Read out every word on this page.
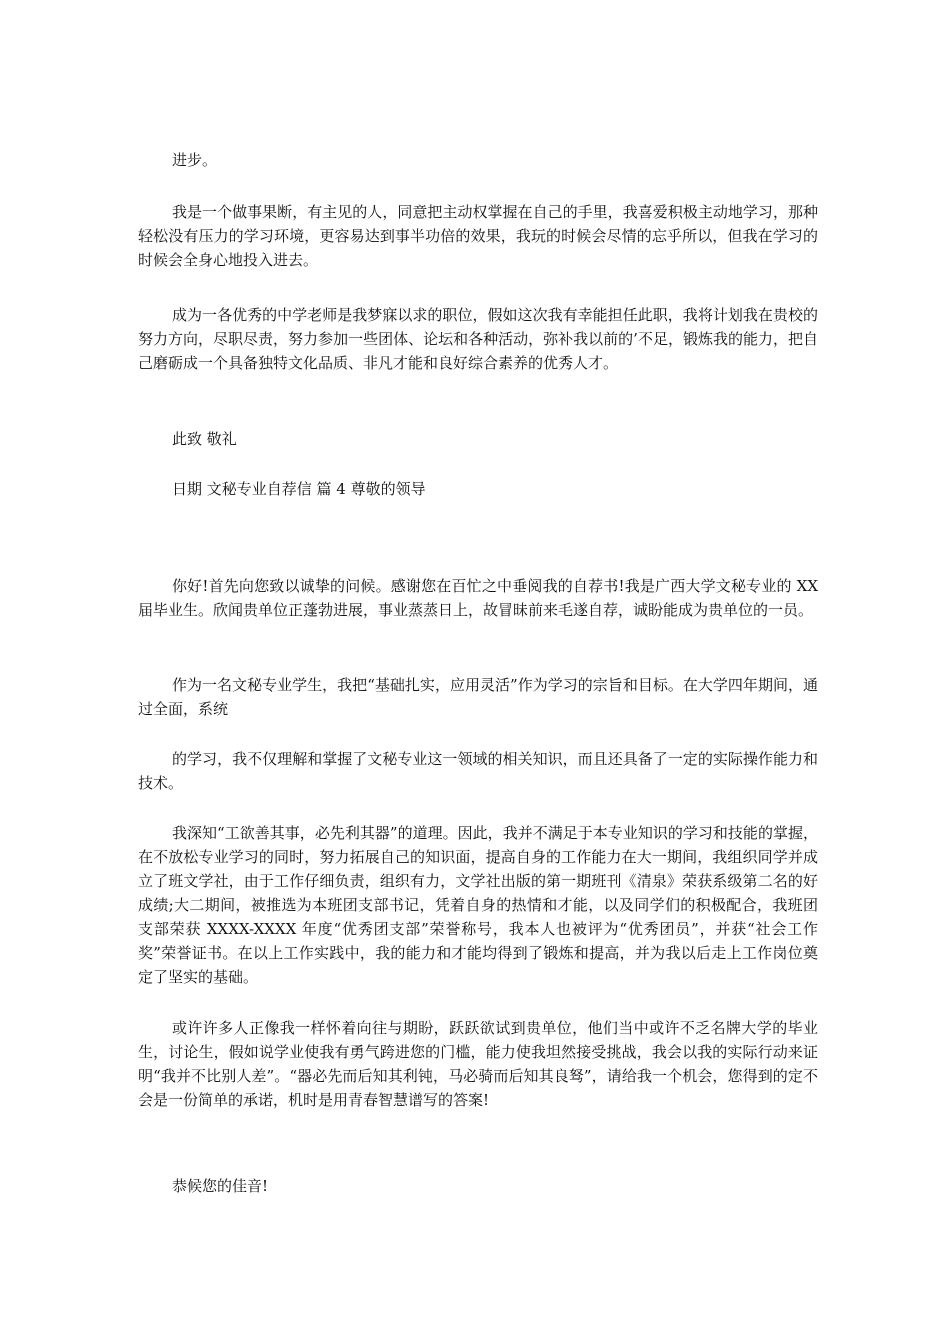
进步。

我是一个做事果断，有主见的人，同意把主动权掌握在自己的手里，我喜爱积极主动地学习，那种轻松没有压力的学习环境，更容易达到事半功倍的效果，我玩的时候会尽情的忘乎所以，但我在学习的时候会全身心地投入进去。

成为一各优秀的中学老师是我梦寐以求的职位，假如这次我有幸能担任此职，我将计划我在贵校的努力方向，尽职尽责，努力参加一些团体、论坛和各种活动，弥补我以前的’不足，锻炼我的能力，把自己磨砺成一个具备独特文化品质、非凡才能和良好综合素养的优秀人才。

此致 敬礼

日期 文秘专业自荐信 篇 4 尊敬的领导

你好!首先向您致以诚挚的问候。感谢您在百忙之中垂阅我的自荐书!我是广西大学文秘专业的 XX 届毕业生。欣闻贵单位正蓬勃进展，事业蒸蒸日上，故冒昧前来毛遂自荐，诚盼能成为贵单位的一员。

作为一名文秘专业学生，我把“基础扎实，应用灵活”作为学习的宗旨和目标。在大学四年期间，通过全面，系统

的学习，我不仅理解和掌握了文秘专业这一领域的相关知识，而且还具备了一定的实际操作能力和技术。

我深知“工欲善其事，必先利其器”的道理。因此，我并不满足于本专业知识的学习和技能的掌握，在不放松专业学习的同时，努力拓展自己的知识面，提高自身的工作能力在大一期间，我组织同学并成立了班文学社，由于工作仔细负责，组织有力，文学社出版的第一期班刊《清泉》荣获系级第二名的好成绩;大二期间，被推选为本班团支部书记，凭着自身的热情和才能，以及同学们的积极配合，我班团支部荣获 XXXX-XXXX 年度“优秀团支部”荣誉称号，我本人也被评为“优秀团员”，并获“社会工作奖”荣誉证书。在以上工作实践中，我的能力和才能均得到了锻炼和提高，并为我以后走上工作岗位奠定了坚实的基础。

或许许多人正像我一样怀着向往与期盼，跃跃欲试到贵单位，他们当中或许不乏名牌大学的毕业生，讨论生，假如说学业使我有勇气跨进您的门槛，能力使我坦然接受挑战，我会以我的实际行动来证明“我并不比别人差”。“器必先而后知其利钝，马必骑而后知其良驽”，请给我一个机会，您得到的定不会是一份简单的承诺，机时是用青春智慧谱写的答案!

恭候您的佳音!
